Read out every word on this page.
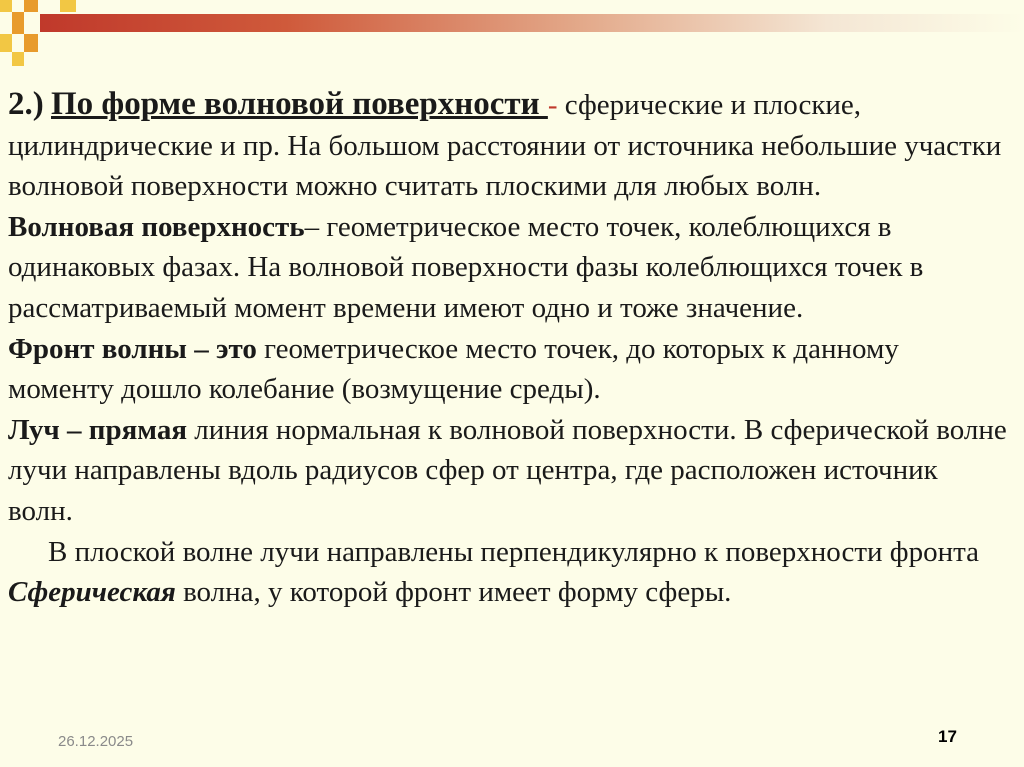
2.) По форме волновой поверхности - сферические и плоские, цилиндрические и пр. На большом расстоянии от источника небольшие участки волновой поверхности можно считать плоскими для любых волн.

Волновая поверхность– геометрическое место точек, колеблющихся в одинаковых фазах. На волновой поверхности фазы колеблющихся точек в рассматриваемый момент времени имеют одно и тоже значение.

Фронт волны – это геометрическое место точек, до которых к данному моменту дошло колебание (возмущение среды).

Луч – прямая линия нормальная к волновой поверхности. В сферической волне лучи направлены вдоль радиусов сфер от центра, где расположен источник волн.

В плоской волне лучи направлены перпендикулярно к поверхности фронта

Сферическая волна, у которой фронт имеет форму сферы.

26.12.2025	17
